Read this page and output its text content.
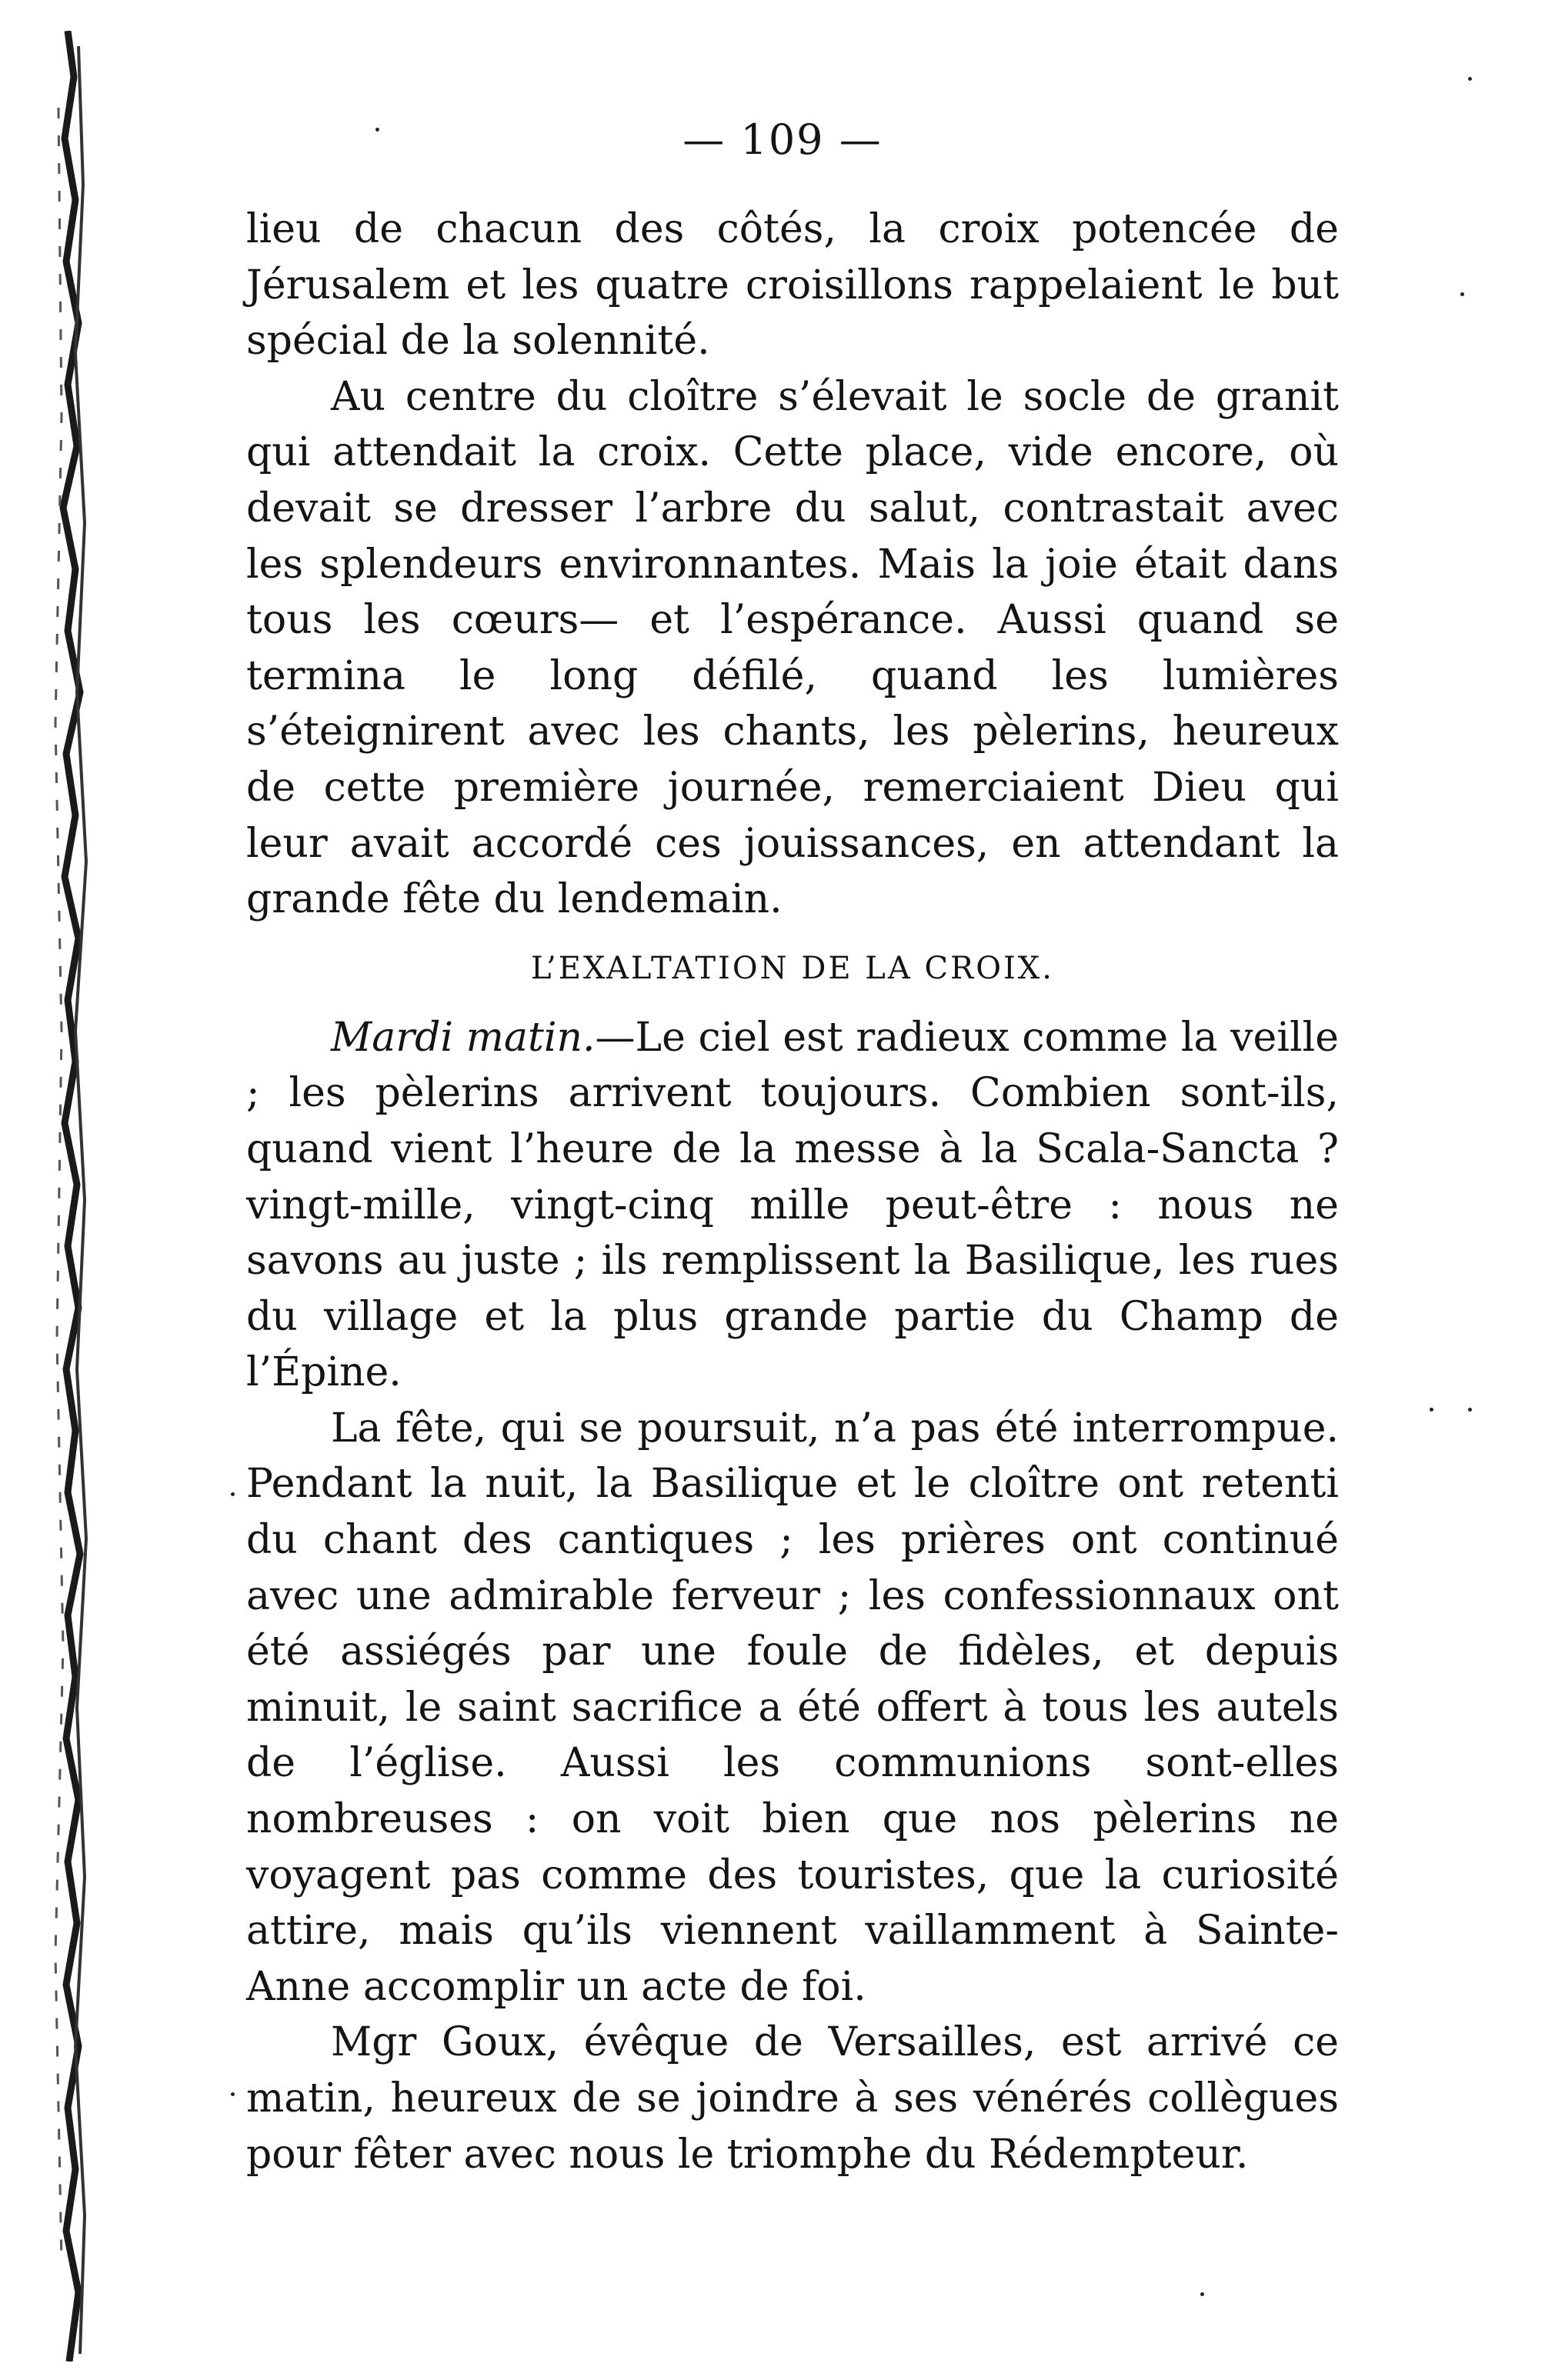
— 109 —

lieu de chacun des côtés, la croix potencée de Jérusalem et les quatre croisillons rappelaient le but spécial de la solennité.

Au centre du cloître s’élevait le socle de granit qui attendait la croix. Cette place, vide encore, où devait se dresser l’arbre du salut, contrastait avec les splendeurs environnantes. Mais la joie était dans tous les cœurs— et l’espérance. Aussi quand se termina le long défilé, quand les lumières s’éteignirent avec les chants, les pèlerins, heureux de cette première journée, remerciaient Dieu qui leur avait accordé ces jouissances, en attendant la grande fête du lendemain.

L’EXALTATION DE LA CROIX.

Mardi matin.—Le ciel est radieux comme la veille ; les pèlerins arrivent toujours. Combien sont-ils, quand vient l’heure de la messe à la Scala-Sancta ? vingt-mille, vingt-cinq mille peut-être : nous ne savons au juste ; ils remplissent la Basilique, les rues du village et la plus grande partie du Champ de l’Épine.

La fête, qui se poursuit, n’a pas été interrompue. Pendant la nuit, la Basilique et le cloître ont retenti du chant des cantiques ; les prières ont continué avec une admirable ferveur ; les confessionnaux ont été assiégés par une foule de fidèles, et depuis minuit, le saint sacrifice a été offert à tous les autels de l’église. Aussi les communions sont-elles nombreuses : on voit bien que nos pèlerins ne voyagent pas comme des touristes, que la curiosité attire, mais qu’ils viennent vaillamment à Sainte-Anne accomplir un acte de foi.

Mgr Goux, évêque de Versailles, est arrivé ce matin, heureux de se joindre à ses vénérés collègues pour fêter avec nous le triomphe du Rédempteur.
